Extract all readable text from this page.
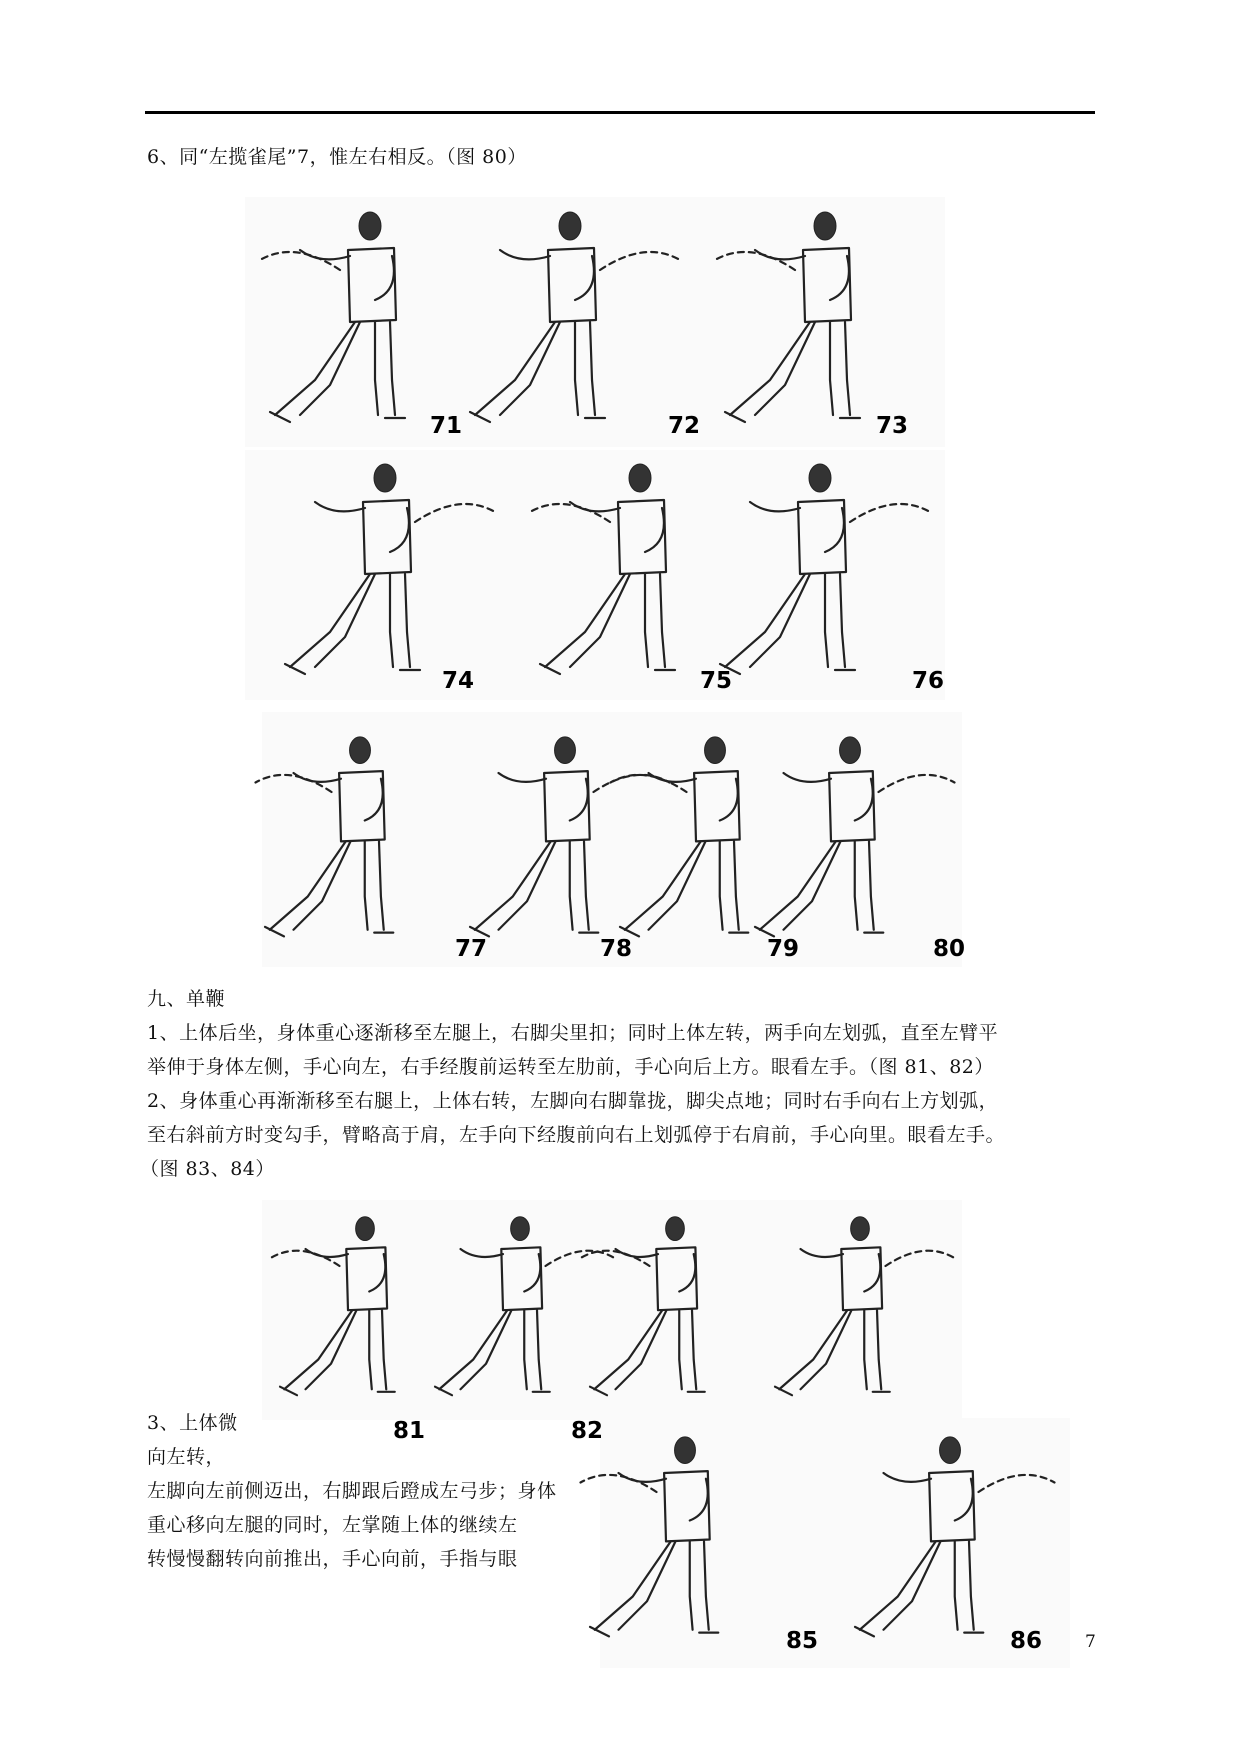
6、同“左揽雀尾”7，惟左右相反。（图 80）
71	72	73
74	75	76
77	78	79	80
81	82
85	86
九、单鞭
1、上体后坐，身体重心逐渐移至左腿上，右脚尖里扣；同时上体左转，两手向左划弧，直至左臂平
举伸于身体左侧，手心向左，右手经腹前运转至左肋前，手心向后上方。眼看左手。（图 81、82）
2、身体重心再渐渐移至右腿上，上体右转，左脚向右脚靠拢，脚尖点地；同时右手向右上方划弧，
至右斜前方时变勾手，臂略高于肩，左手向下经腹前向右上划弧停于右肩前，手心向里。眼看左手。
（图 83、84）
3、上体微
向左转，
左脚向左前侧迈出，右脚跟后蹬成左弓步；身体
重心移向左腿的同时，左掌随上体的继续左
转慢慢翻转向前推出，手心向前，手指与眼
7
